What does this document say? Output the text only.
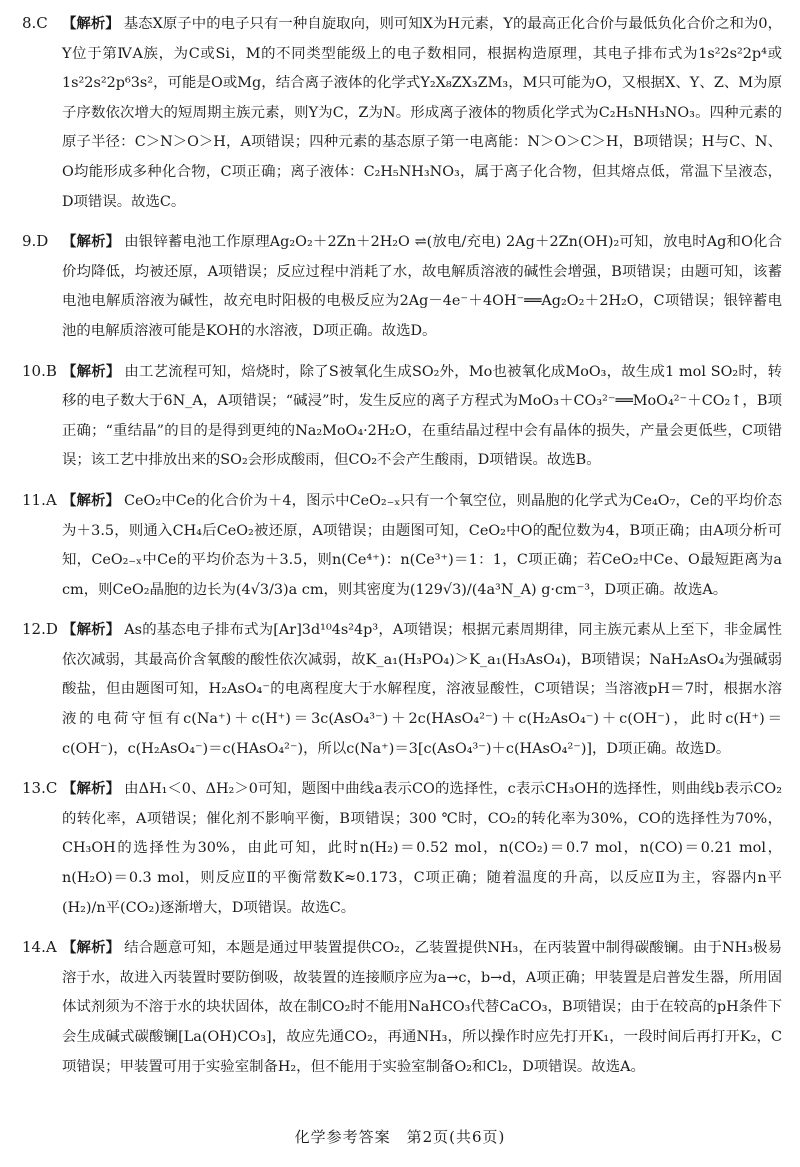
8.C 【解析】 基态X原子中的电子只有一种自旋取向，则可知X为H元素，Y的最高正化合价与最低负化合价之和为0，Y位于第ⅣA族，为C或Si，M的不同类型能级上的电子数相同，根据构造原理，其电子排布式为1s²2s²2p⁴或1s²2s²2p⁶3s²，可能是O或Mg，结合离子液体的化学式Y₂X₈ZX₃ZM₃，M只可能为O，又根据X、Y、Z、M为原子序数依次增大的短周期主族元素，则Y为C，Z为N。形成离子液体的物质化学式为C₂H₅NH₃NO₃。四种元素的原子半径：C＞N＞O＞H，A项错误；四种元素的基态原子第一电离能：N＞O＞C＞H，B项错误；H与C、N、O均能形成多种化合物，C项正确；离子液体：C₂H₅NH₃NO₃，属于离子化合物，但其熔点低，常温下呈液态，D项错误。故选C。
9.D 【解析】 由银锌蓄电池工作原理Ag₂O₂＋2Zn＋2H₂O ⇌(放电/充电) 2Ag＋2Zn(OH)₂可知，放电时Ag和O化合价均降低，均被还原，A项错误；反应过程中消耗了水，故电解质溶液的碱性会增强，B项错误；由题可知，该蓄电池电解质溶液为碱性，故充电时阳极的电极反应为2Ag－4e⁻＋4OH⁻══Ag₂O₂＋2H₂O，C项错误；银锌蓄电池的电解质溶液可能是KOH的水溶液，D项正确。故选D。
10.B 【解析】 由工艺流程可知，焙烧时，除了S被氧化生成SO₂外，Mo也被氧化成MoO₃，故生成1 mol SO₂时，转移的电子数大于6N_A，A项错误；“碱浸”时，发生反应的离子方程式为MoO₃＋CO₃²⁻══MoO₄²⁻＋CO₂↑，B项正确；“重结晶”的目的是得到更纯的Na₂MoO₄·2H₂O，在重结晶过程中会有晶体的损失，产量会更低些，C项错误；该工艺中排放出来的SO₂会形成酸雨，但CO₂不会产生酸雨，D项错误。故选B。
11.A 【解析】 CeO₂中Ce的化合价为＋4，图示中CeO₂₋ₓ只有一个氧空位，则晶胞的化学式为Ce₄O₇，Ce的平均价态为＋3.5，则通入CH₄后CeO₂被还原，A项错误；由题图可知，CeO₂中O的配位数为4，B项正确；由A项分析可知，CeO₂₋ₓ中Ce的平均价态为＋3.5，则n(Ce⁴⁺)：n(Ce³⁺)＝1：1，C项正确；若CeO₂中Ce、O最短距离为a cm，则CeO₂晶胞的边长为(4√3/3)a cm，则其密度为(129√3)/(4a³N_A) g·cm⁻³，D项正确。故选A。
12.D 【解析】 As的基态电子排布式为[Ar]3d¹⁰4s²4p³，A项错误；根据元素周期律，同主族元素从上至下，非金属性依次减弱，其最高价含氧酸的酸性依次减弱，故K_a₁(H₃PO₄)＞K_a₁(H₃AsO₄)，B项错误；NaH₂AsO₄为强碱弱酸盐，但由题图可知，H₂AsO₄⁻的电离程度大于水解程度，溶液显酸性，C项错误；当溶液pH＝7时，根据水溶液的电荷守恒有c(Na⁺)＋c(H⁺)＝3c(AsO₄³⁻)＋2c(HAsO₄²⁻)＋c(H₂AsO₄⁻)＋c(OH⁻)，此时c(H⁺)＝c(OH⁻)，c(H₂AsO₄⁻)＝c(HAsO₄²⁻)，所以c(Na⁺)＝3[c(AsO₄³⁻)＋c(HAsO₄²⁻)]，D项正确。故选D。
13.C 【解析】 由ΔH₁＜0、ΔH₂＞0可知，题图中曲线a表示CO的选择性，c表示CH₃OH的选择性，则曲线b表示CO₂的转化率，A项错误；催化剂不影响平衡，B项错误；300 ℃时，CO₂的转化率为30%，CO的选择性为70%，CH₃OH的选择性为30%，由此可知，此时n(H₂)＝0.52 mol，n(CO₂)＝0.7 mol，n(CO)＝0.21 mol，n(H₂O)＝0.3 mol，则反应Ⅱ的平衡常数K≈0.173，C项正确；随着温度的升高，以反应Ⅱ为主，容器内n平(H₂)/n平(CO₂)逐渐增大，D项错误。故选C。
14.A 【解析】 结合题意可知，本题是通过甲装置提供CO₂，乙装置提供NH₃，在丙装置中制得碳酸镧。由于NH₃极易溶于水，故进入丙装置时要防倒吸，故装置的连接顺序应为a→c，b→d，A项正确；甲装置是启普发生器，所用固体试剂须为不溶于水的块状固体，故在制CO₂时不能用NaHCO₃代替CaCO₃，B项错误；由于在较高的pH条件下会生成碱式碳酸镧[La(OH)CO₃]，故应先通CO₂，再通NH₃，所以操作时应先打开K₁，一段时间后再打开K₂，C项错误；甲装置可用于实验室制备H₂，但不能用于实验室制备O₂和Cl₂，D项错误。故选A。
化学参考答案　第2页(共6页)
